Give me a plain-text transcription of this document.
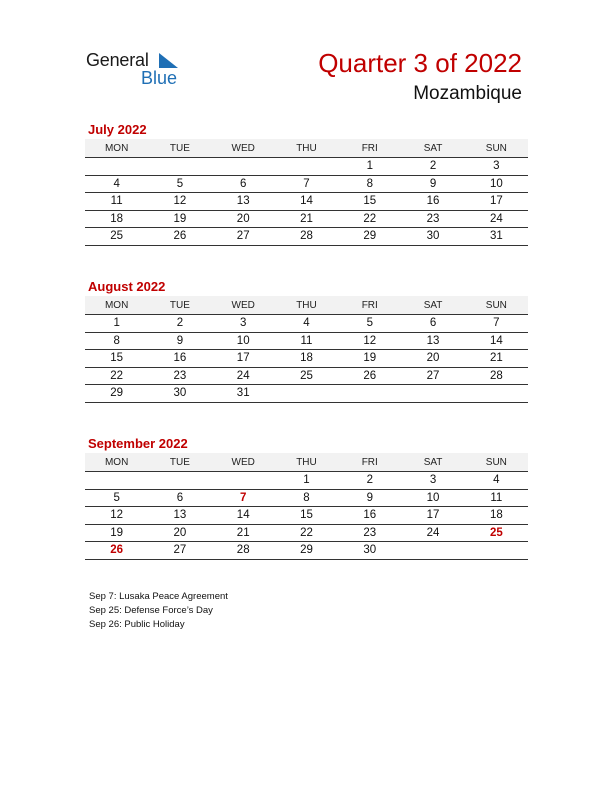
General
Blue	Quarter 3 of 2022
Mozambique
July 2022
MON	TUE	WED	THU	FRI	SAT	SUN
				1	2	3
4	5	6	7	8	9	10
11	12	13	14	15	16	17
18	19	20	21	22	23	24
25	26	27	28	29	30	31
August 2022
MON	TUE	WED	THU	FRI	SAT	SUN
1	2	3	4	5	6	7
8	9	10	11	12	13	14
15	16	17	18	19	20	21
22	23	24	25	26	27	28
29	30	31				
September 2022
MON	TUE	WED	THU	FRI	SAT	SUN
			1	2	3	4
5	6	7	8	9	10	11
12	13	14	15	16	17	18
19	20	21	22	23	24	25
26	27	28	29	30		
Sep 7: Lusaka Peace Agreement
Sep 25: Defense Force’s Day
Sep 26: Public Holiday
